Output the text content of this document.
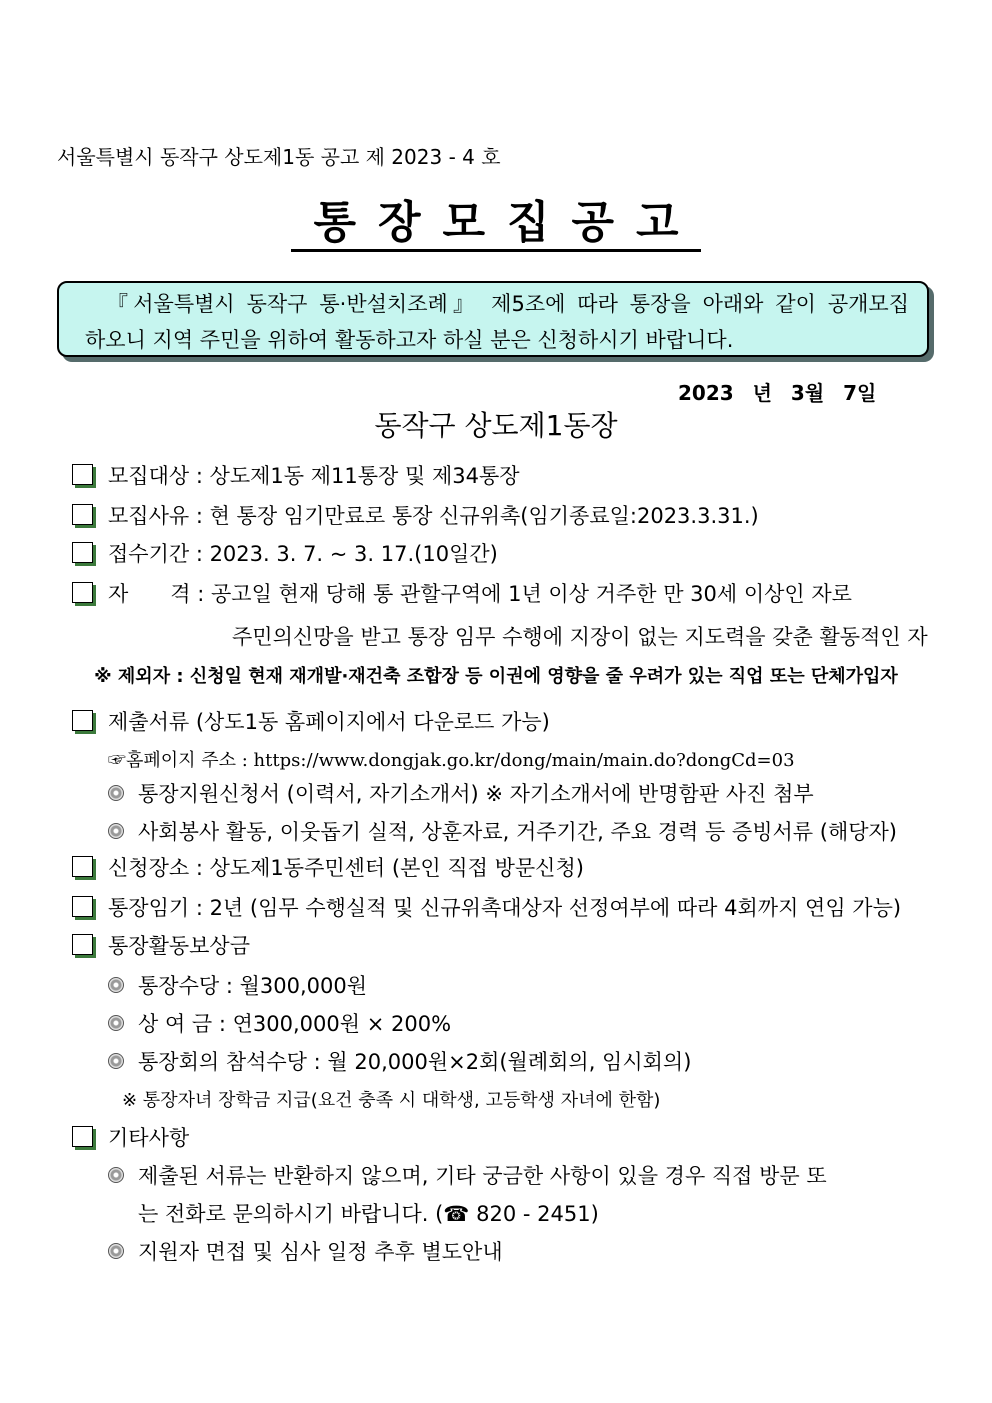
서울특별시 동작구 상도제1동 공고 제 2023 - 4 호
통장모집공고
『서울특별시 동작구 통·반설치조례』 제5조에 따라 통장을 아래와 같이 공개모집
하오니 지역 주민을 위하여 활동하고자 하실 분은 신청하시기 바랍니다.
2023 년 3월 7일
동작구 상도제1동장
모집대상 : 상도제1동 제11통장 및 제34통장
모집사유 : 현 통장 임기만료로 통장 신규위촉(임기종료일:2023.3.31.)
접수기간 : 2023. 3. 7. ~ 3. 17.(10일간)
자　　격 : 공고일 현재 당해 통 관할구역에 1년 이상 거주한 만 30세 이상인 자로
주민의신망을 받고 통장 임무 수행에 지장이 없는 지도력을 갖춘 활동적인 자
※ 제외자 : 신청일 현재 재개발·재건축 조합장 등 이권에 영향을 줄 우려가 있는 직업 또는 단체가입자
제출서류 (상도1동 홈페이지에서 다운로드 가능)
☞홈페이지 주소 : https://www.dongjak.go.kr/dong/main/main.do?dongCd=03
통장지원신청서 (이력서, 자기소개서) ※ 자기소개서에 반명함판 사진 첨부
사회봉사 활동, 이웃돕기 실적, 상훈자료, 거주기간, 주요 경력 등 증빙서류 (해당자)
신청장소 : 상도제1동주민센터 (본인 직접 방문신청)
통장임기 : 2년 (임무 수행실적 및 신규위촉대상자 선정여부에 따라 4회까지 연임 가능)
통장활동보상금
통장수당 : 월300,000원
상 여 금 : 연300,000원 × 200%
통장회의 참석수당 : 월 20,000원×2회(월례회의, 임시회의)
※ 통장자녀 장학금 지급(요건 충족 시 대학생, 고등학생 자녀에 한함)
기타사항
제출된 서류는 반환하지 않으며, 기타 궁금한 사항이 있을 경우 직접 방문 또
는 전화로 문의하시기 바랍니다. (☎ 820 - 2451)
지원자 면접 및 심사 일정 추후 별도안내
